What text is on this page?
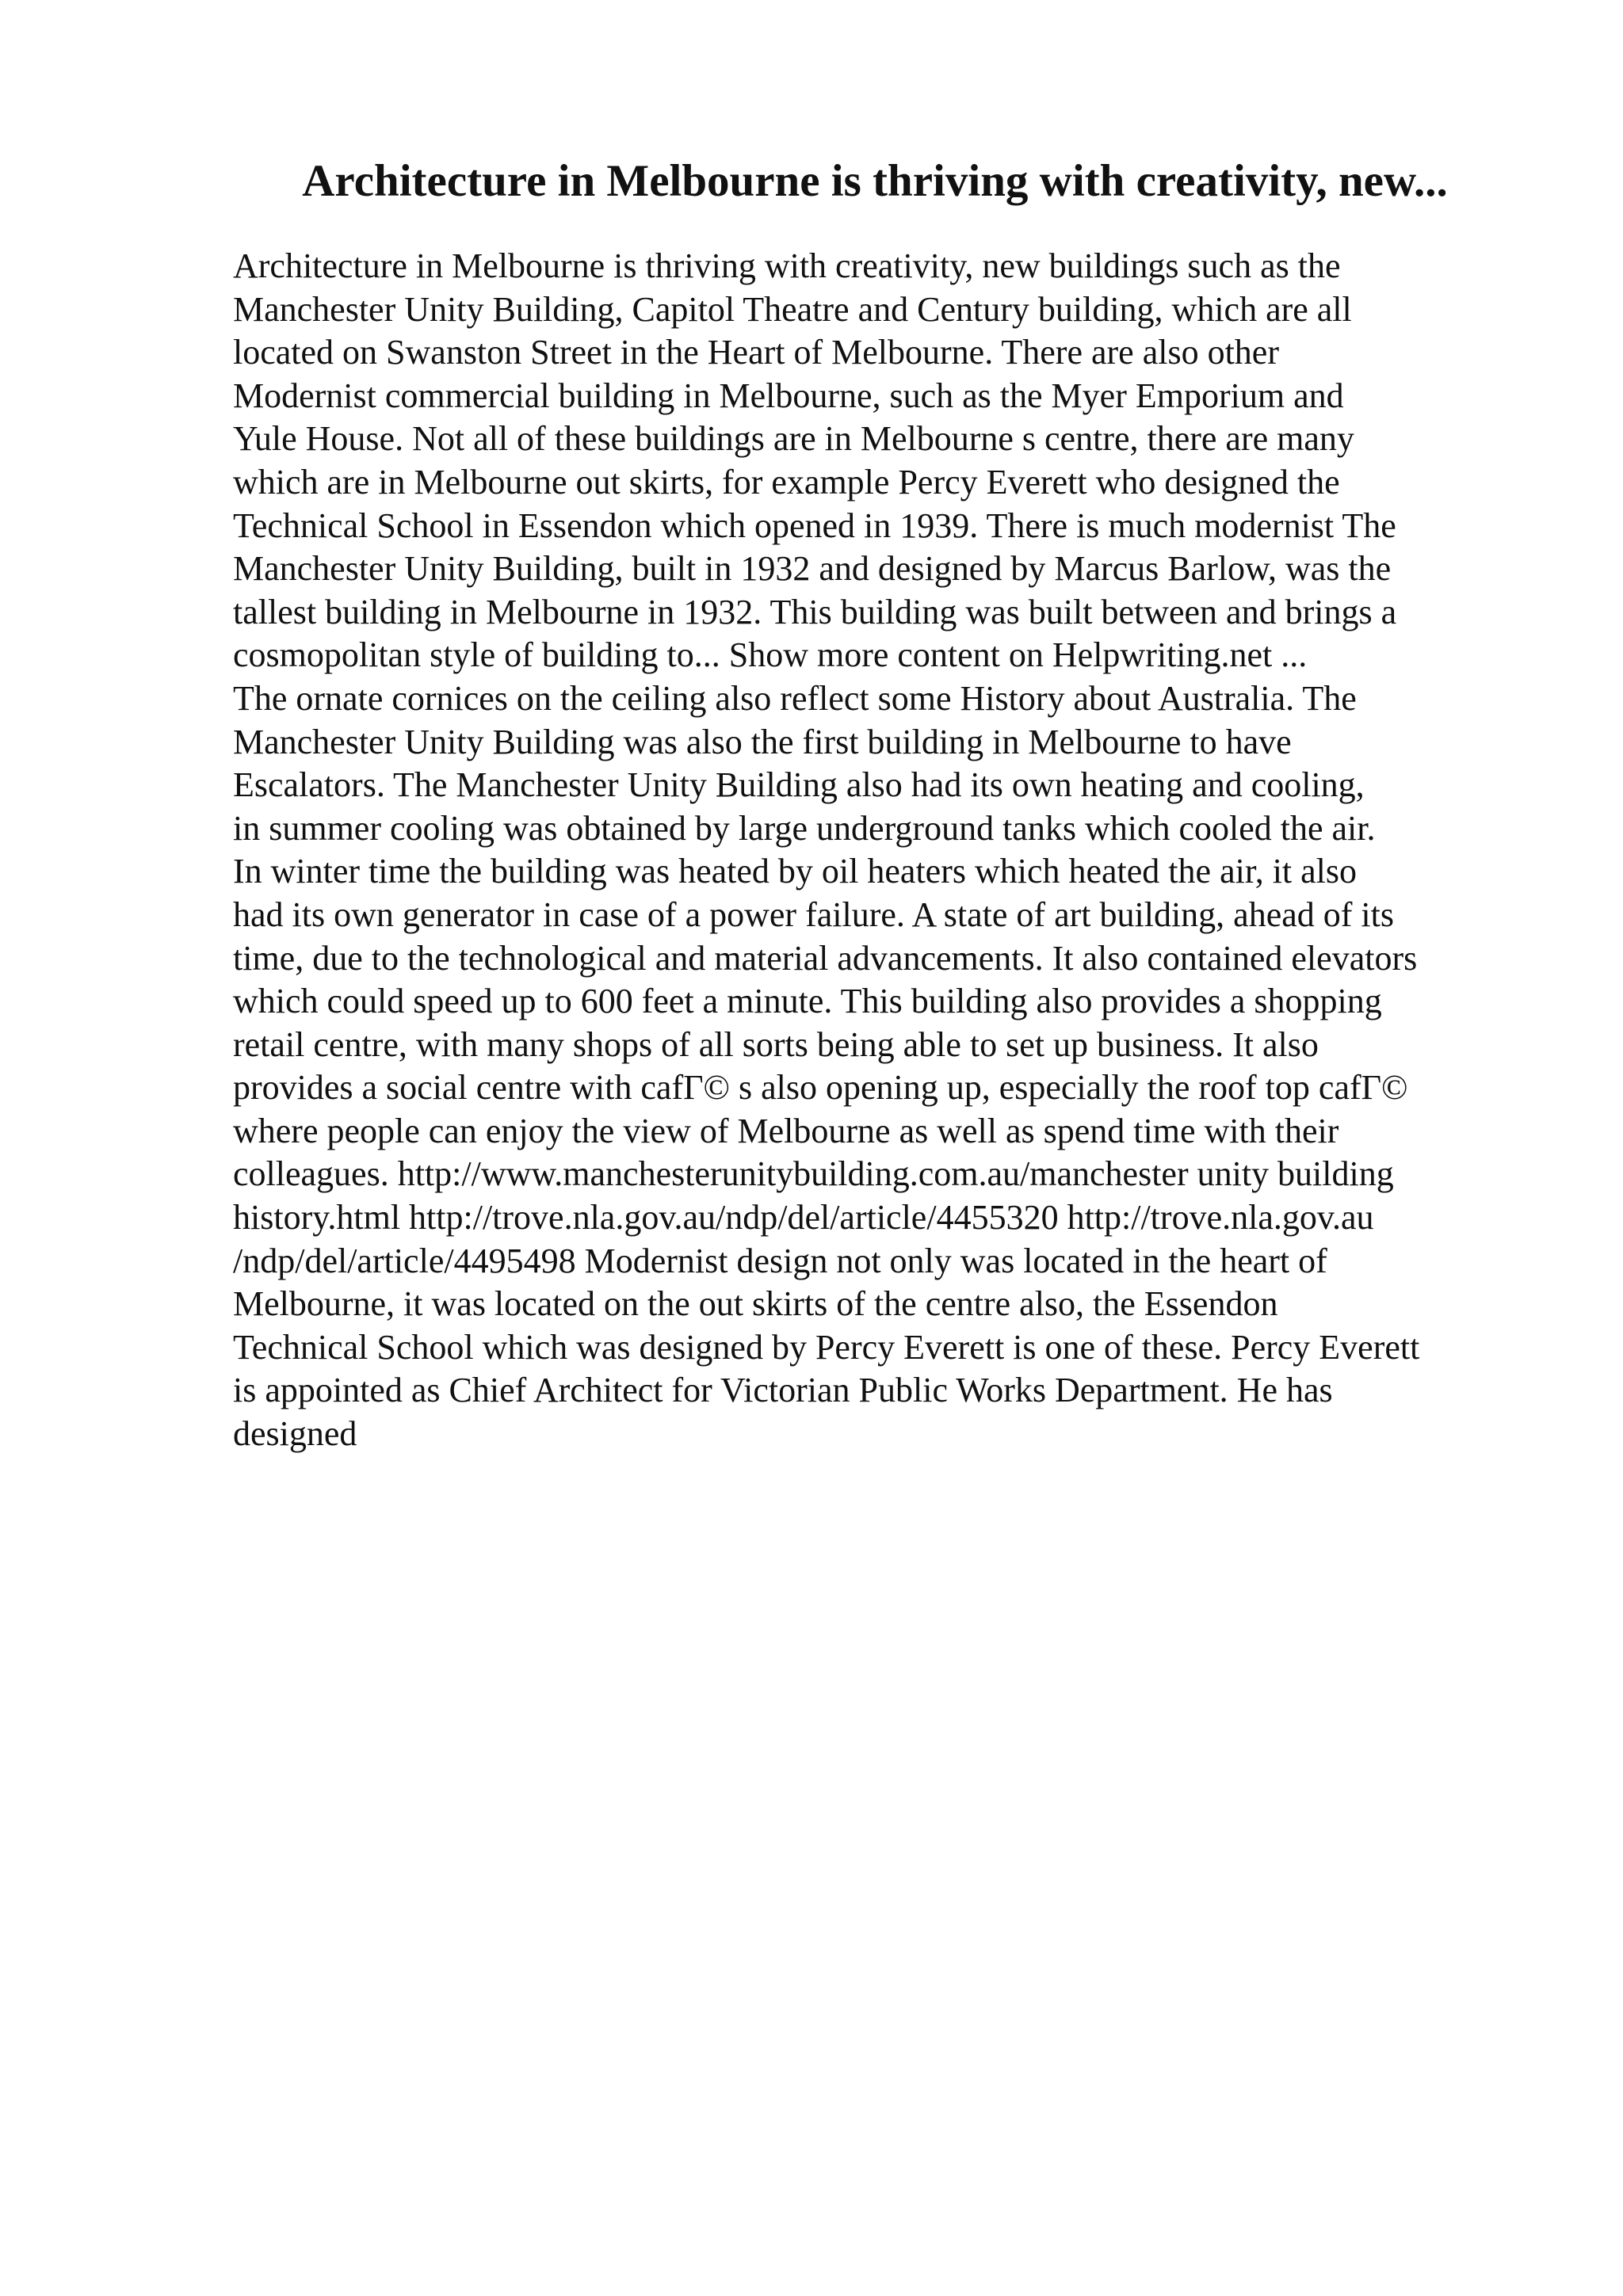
Architecture in Melbourne is thriving with creativity, new...
Architecture in Melbourne is thriving with creativity, new buildings such as the
Manchester Unity Building, Capitol Theatre and Century building, which are all
located on Swanston Street in the Heart of Melbourne. There are also other
Modernist commercial building in Melbourne, such as the Myer Emporium and
Yule House. Not all of these buildings are in Melbourne s centre, there are many
which are in Melbourne out skirts, for example Percy Everett who designed the
Technical School in Essendon which opened in 1939. There is much modernist The
Manchester Unity Building, built in 1932 and designed by Marcus Barlow, was the
tallest building in Melbourne in 1932. This building was built between and brings a
cosmopolitan style of building to... Show more content on Helpwriting.net ...
The ornate cornices on the ceiling also reflect some History about Australia. The
Manchester Unity Building was also the first building in Melbourne to have
Escalators. The Manchester Unity Building also had its own heating and cooling,
in summer cooling was obtained by large underground tanks which cooled the air.
In winter time the building was heated by oil heaters which heated the air, it also
had its own generator in case of a power failure. A state of art building, ahead of its
time, due to the technological and material advancements. It also contained elevators
which could speed up to 600 feet a minute. This building also provides a shopping
retail centre, with many shops of all sorts being able to set up business. It also
provides a social centre with cafГ© s also opening up, especially the roof top cafГ©
where people can enjoy the view of Melbourne as well as spend time with their
colleagues. http://www.manchesterunitybuilding.com.au/manchester unity building
history.html http://trove.nla.gov.au/ndp/del/article/4455320 http://trove.nla.gov.au
/ndp/del/article/4495498 Modernist design not only was located in the heart of
Melbourne, it was located on the out skirts of the centre also, the Essendon
Technical School which was designed by Percy Everett is one of these. Percy Everett
is appointed as Chief Architect for Victorian Public Works Department. He has
designed
